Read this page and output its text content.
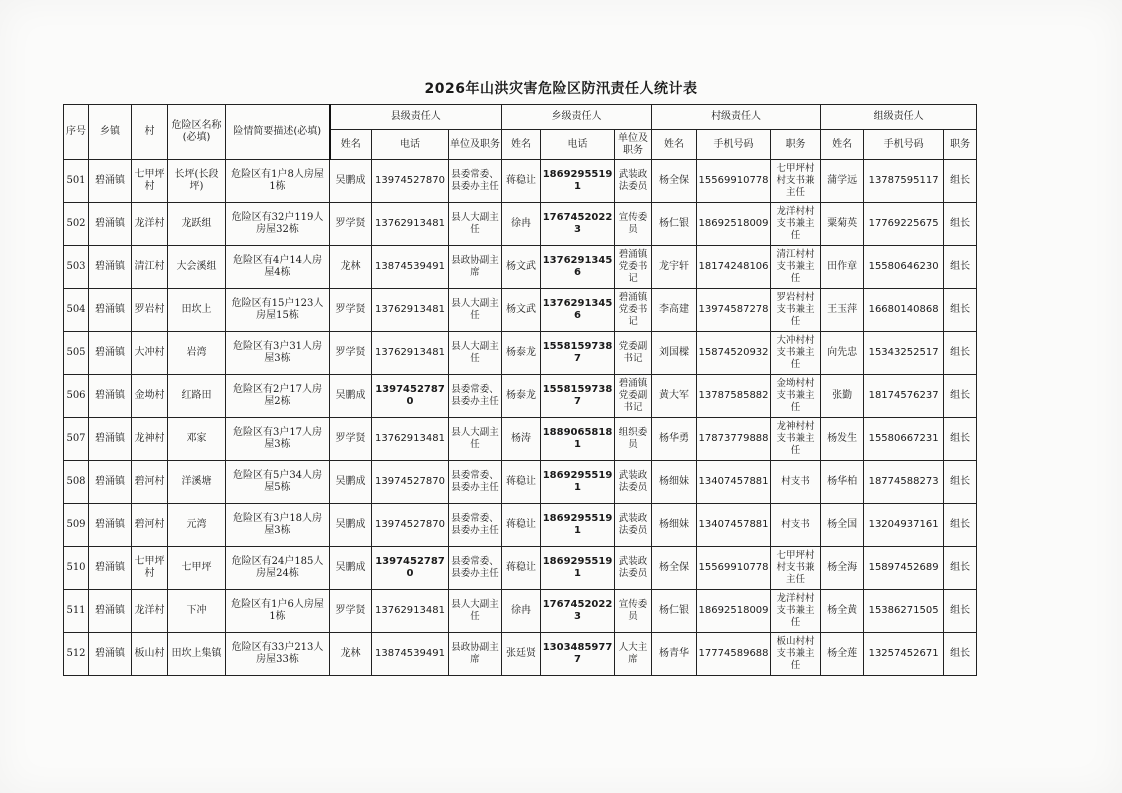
2026年山洪灾害危险区防汛责任人统计表
序号	乡镇	村	危险区名称(必填)	险情简要描述(必填)	县级责任人			乡级责任人			村级责任人			组级责任人		
					姓名	电话	单位及职务	姓名	电话	单位及职务	姓名	手机号码	职务	姓名	手机号码	职务
501	碧涌镇	七甲坪村	长坪(长段坪)	危险区有1户8人房屋1栋	吴鹏成	13974527870	县委常委、县委办主任	蒋稳让	18692955191	武装政法委员	杨全保	15569910778	七甲坪村村支书兼主任	蒲学远	13787595117	组长
502	碧涌镇	龙洋村	龙跃组	危险区有32户119人房屋32栋	罗学贤	13762913481	县人大副主任	徐冉	17674520223	宣传委员	杨仁银	18692518009	龙洋村村支书兼主任	粟菊英	17769225675	组长
503	碧涌镇	清江村	大会溪组	危险区有4户14人房屋4栋	龙林	13874539491	县政协副主席	杨文武	13762913456	碧涌镇党委书记	龙宇轩	18174248106	清江村村支书兼主任	田作章	15580646230	组长
504	碧涌镇	罗岩村	田坎上	危险区有15户123人房屋15栋	罗学贤	13762913481	县人大副主任	杨文武	13762913456	碧涌镇党委书记	李高建	13974587278	罗岩村村支书兼主任	王玉萍	16680140868	组长
505	碧涌镇	大冲村	岩湾	危险区有3户31人房屋3栋	罗学贤	13762913481	县人大副主任	杨泰龙	15581597387	党委副书记	刘国樑	15874520932	大冲村村支书兼主任	向先忠	15343252517	组长
506	碧涌镇	金坳村	红路田	危险区有2户17人房屋2栋	吴鹏成	13974527870	县委常委、县委办主任	杨泰龙	15581597387	碧涌镇党委副书记	黄大军	13787585882	金坳村村支书兼主任	张勤	18174576237	组长
507	碧涌镇	龙神村	邓家	危险区有3户17人房屋3栋	罗学贤	13762913481	县人大副主任	杨涛	18890658181	组织委员	杨华勇	17873779888	龙神村村支书兼主任	杨发生	15580667231	组长
508	碧涌镇	碧河村	洋溪塘	危险区有5户34人房屋5栋	吴鹏成	13974527870	县委常委、县委办主任	蒋稳让	18692955191	武装政法委员	杨细妹	13407457881	村支书	杨华柏	18774588273	组长
509	碧涌镇	碧河村	元湾	危险区有3户18人房屋3栋	吴鹏成	13974527870	县委常委、县委办主任	蒋稳让	18692955191	武装政法委员	杨细妹	13407457881	村支书	杨全国	13204937161	组长
510	碧涌镇	七甲坪村	七甲坪	危险区有24户185人房屋24栋	吴鹏成	13974527870	县委常委、县委办主任	蒋稳让	18692955191	武装政法委员	杨全保	15569910778	七甲坪村村支书兼主任	杨全海	15897452689	组长
511	碧涌镇	龙洋村	下冲	危险区有1户6人房屋1栋	罗学贤	13762913481	县人大副主任	徐冉	17674520223	宣传委员	杨仁银	18692518009	龙洋村村支书兼主任	杨全黄	15386271505	组长
512	碧涌镇	板山村	田坎上集镇	危险区有33户213人房屋33栋	龙林	13874539491	县政协副主席	张廷贤	13034859777	人大主席	杨青华	17774589688	板山村村支书兼主任	杨全莲	13257452671	组长
